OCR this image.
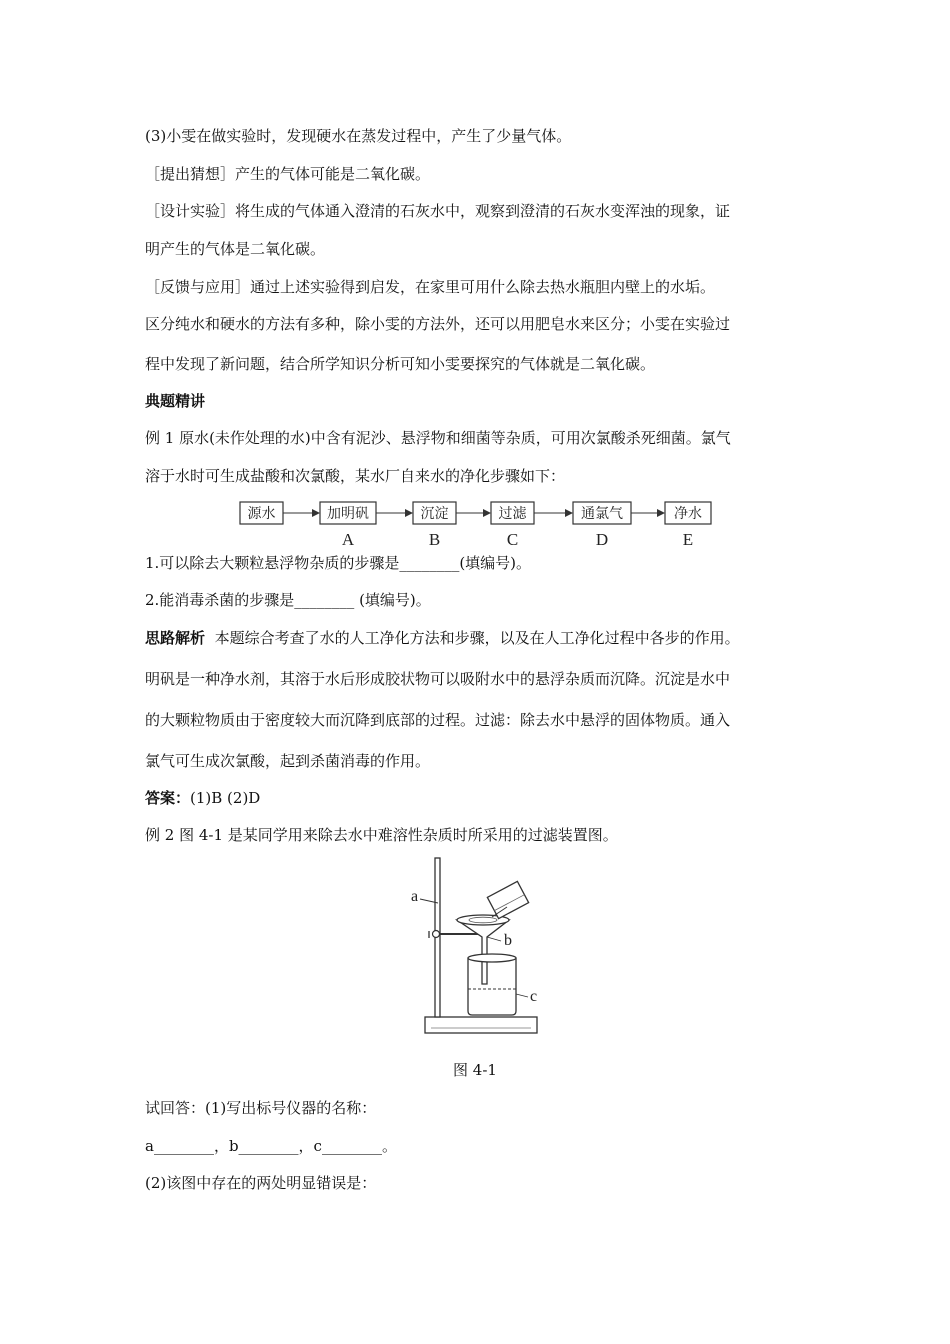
(3)小雯在做实验时，发现硬水在蒸发过程中，产生了少量气体。
［提出猜想］产生的气体可能是二氧化碳。
［设计实验］将生成的气体通入澄清的石灰水中，观察到澄清的石灰水变浑浊的现象，证
明产生的气体是二氧化碳。
［反馈与应用］通过上述实验得到启发，在家里可用什么除去热水瓶胆内壁上的水垢。
区分纯水和硬水的方法有多种，除小雯的方法外，还可以用肥皂水来区分；小雯在实验过
程中发现了新问题，结合所学知识分析可知小雯要探究的气体就是二氧化碳。
典题精讲
例 1 原水(未作处理的水)中含有泥沙、悬浮物和细菌等杂质，可用次氯酸杀死细菌。氯气
溶于水时可生成盐酸和次氯酸，某水厂自来水的净化步骤如下：
源水	加明矾	沉淀	过滤	通氯气	净水
A	B	C	D	E
1.可以除去大颗粒悬浮物杂质的步骤是________(填编号)。
2.能消毒杀菌的步骤是________ (填编号)。
思路解析 本题综合考查了水的人工净化方法和步骤，以及在人工净化过程中各步的作用。
明矾是一种净水剂，其溶于水后形成胶状物可以吸附水中的悬浮杂质而沉降。沉淀是水中
的大颗粒物质由于密度较大而沉降到底部的过程。过滤：除去水中悬浮的固体物质。通入
氯气可生成次氯酸，起到杀菌消毒的作用。
答案：(1)B (2)D
例 2 图 4-1 是某同学用来除去水中难溶性杂质时所采用的过滤装置图。
a
b
c
图 4-1
试回答：(1)写出标号仪器的名称：
a________，b________，c________。
(2)该图中存在的两处明显错误是：
